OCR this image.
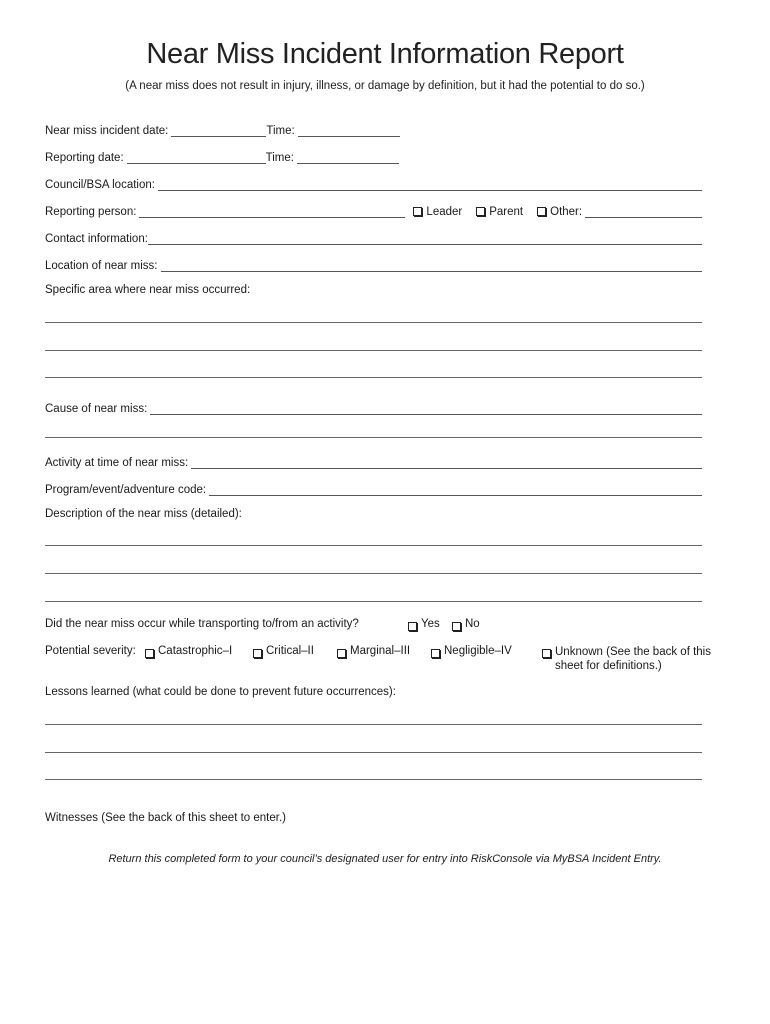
Near Miss Incident Information Report
(A near miss does not result in injury, illness, or damage by definition, but it had the potential to do so.)
Near miss incident date:	Time:
Reporting date:	Time:
Council/BSA location:
Reporting person:	Leader Parent Other:
Contact information:
Location of near miss:
Specific area where near miss occurred:
Cause of near miss:
Activity at time of near miss:
Program/event/adventure code:
Description of the near miss (detailed):
Did the near miss occur while transporting to/from an activity?	Yes No
Potential severity: Catastrophic–I	Critical–II	Marginal–III	Negligible–IV	Unknown (See the back of this sheet for definitions.)
Lessons learned (what could be done to prevent future occurrences):
Witnesses (See the back of this sheet to enter.)
Return this completed form to your council’s designated user for entry into RiskConsole via MyBSA Incident Entry.
